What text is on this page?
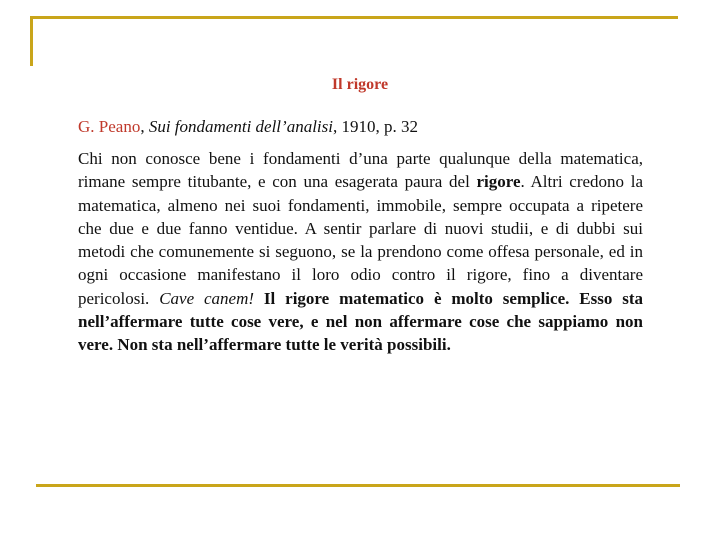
Il rigore

G. Peano, Sui fondamenti dell’analisi, 1910, p. 32

Chi non conosce bene i fondamenti d’una parte qualunque della matematica, rimane sempre titubante, e con una esagerata paura del rigore. Altri credono la matematica, almeno nei suoi fondamenti, immobile, sempre occupata a ripetere che due e due fanno ventidue. A sentir parlare di nuovi studii, e di dubbi sui metodi che comunemente si seguono, se la prendono come offesa personale, ed in ogni occasione manifestano il loro odio contro il rigore, fino a diventare pericolosi. Cave canem! Il rigore matematico è molto semplice. Esso sta nell’affermare tutte cose vere, e nel non affermare cose che sappiamo non vere. Non sta nell’affermare tutte le verità possibili.
